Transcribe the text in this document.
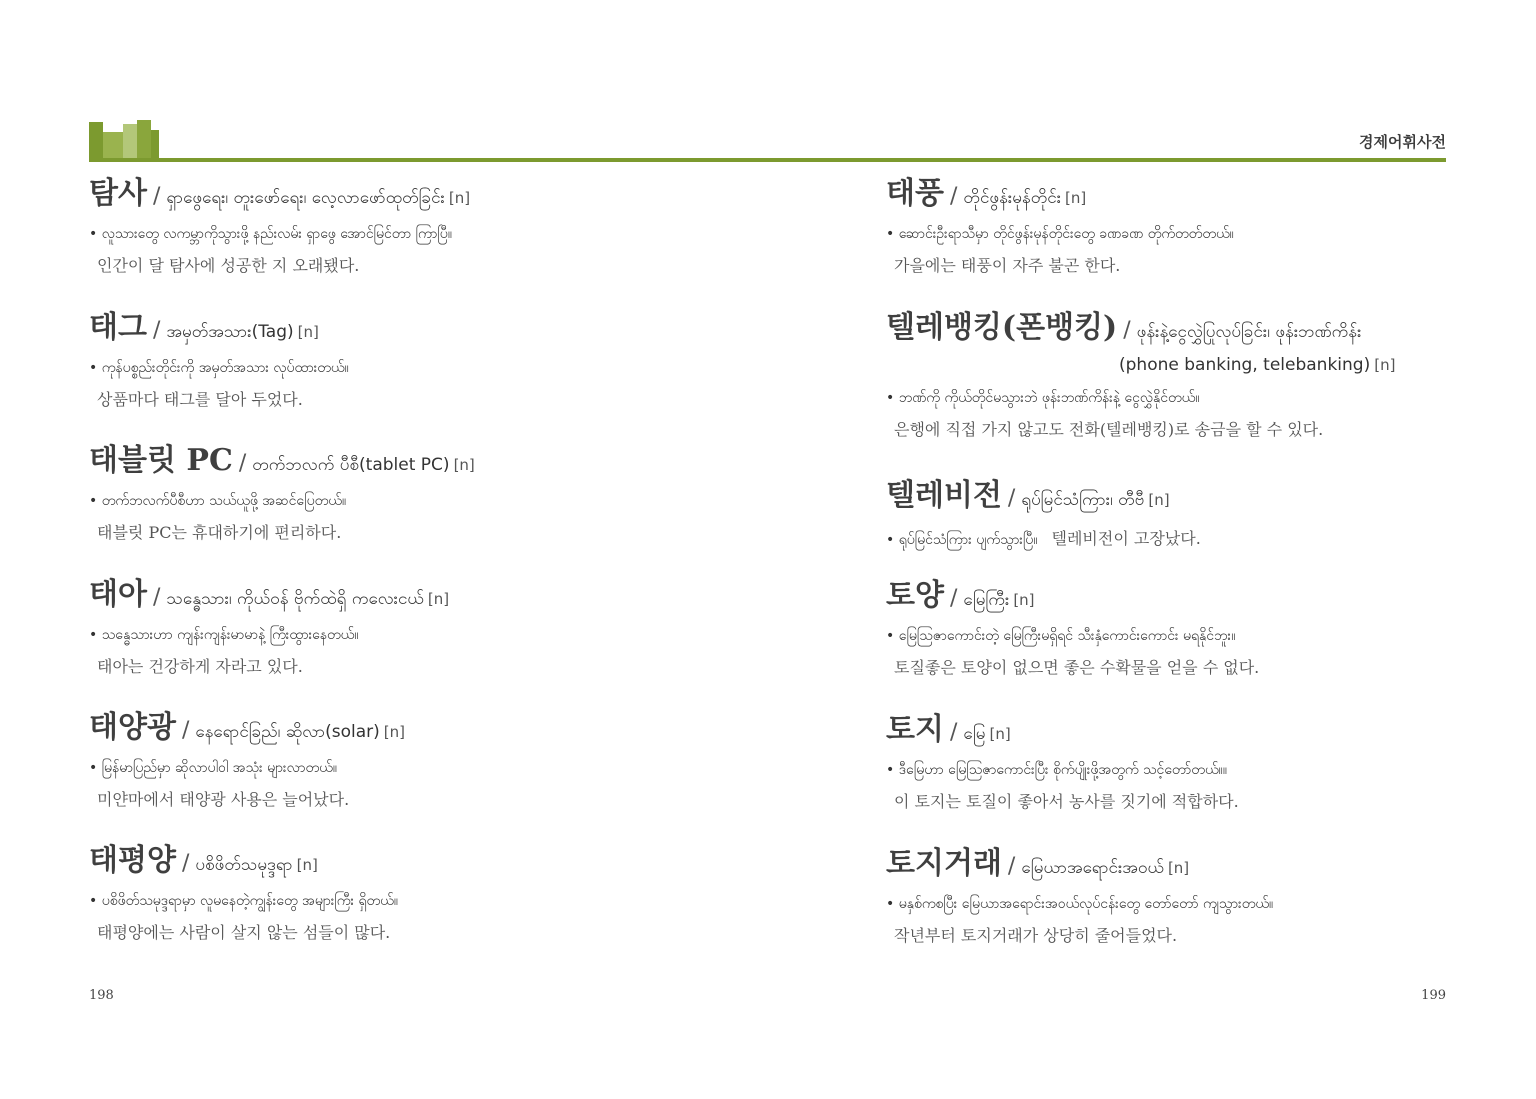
경제어휘사전
탐사 / ရှာဖွေရေး၊ တူးဖော်ရေး၊ လေ့လာဖော်ထုတ်ခြင်း [n]
• လူသားတွေ လကမ္ဘာကိုသွားဖို့ နည်းလမ်း ရှာဖွေ အောင်မြင်တာ ကြာပြီ။
인간이 달 탐사에 성공한 지 오래됐다.
태그 / အမှတ်အသား(Tag) [n]
• ကုန်ပစ္စည်းတိုင်းကို အမှတ်အသား လုပ်ထားတယ်။
상품마다 태그를 달아 두었다.
태블릿 PC / တက်ဘလက် ပီစီ(tablet PC) [n]
• တက်ဘလက်ပီစီဟာ သယ်ယူဖို့ အဆင်ပြေတယ်။
태블릿 PC는 휴대하기에 편리하다.
태아 / သန္ဓေသား၊ ကိုယ်ဝန် ဗိုက်ထဲရှိ ကလေးငယ် [n]
• သန္ဓေသားဟာ ကျန်းကျန်းမာမာနဲ့ ကြီးထွားနေတယ်။
태아는 건강하게 자라고 있다.
태양광 / နေရောင်ခြည်၊ ဆိုလာ(solar) [n]
• မြန်မာပြည်မှာ ဆိုလာပါဝါ အသုံး များလာတယ်။
미얀마에서 태양광 사용은 늘어났다.
태평양 / ပစိဖိတ်သမုဒ္ဒရာ [n]
• ပစိဖိတ်သမုဒ္ဒရာမှာ လူမနေတဲ့ကျွန်းတွေ အများကြီး ရှိတယ်။
태평양에는 사람이 살지 않는 섬들이 많다.
태풍 / တိုင်ဖွန်းမုန်တိုင်း [n]
• ဆောင်းဦးရာသီမှာ တိုင်ဖွန်းမုန်တိုင်းတွေ ခဏခဏ တိုက်တတ်တယ်။
가을에는 태풍이 자주 불곤 한다.
텔레뱅킹(폰뱅킹) / ဖုန်းနဲ့ငွေလွှဲပြုလုပ်ခြင်း၊ ဖုန်းဘဏ်ကိန်း
(phone banking, telebanking) [n]
• ဘဏ်ကို ကိုယ်တိုင်မသွားဘဲ ဖုန်းဘဏ်ကိန်းနဲ့ ငွေလွှဲနိုင်တယ်။
은행에 직접 가지 않고도 전화(텔레뱅킹)로 송금을 할 수 있다.
텔레비전 / ရုပ်မြင်သံကြား၊ တီဗီ [n]
• ရုပ်မြင်သံကြား ပျက်သွားပြီ။ 텔레비전이 고장났다.
토양 / မြေကြီး [n]
• မြေသြဇာကောင်းတဲ့ မြေကြီးမရှိရင် သီးနှံကောင်းကောင်း မရနိုင်ဘူး။
토질좋은 토양이 없으면 좋은 수확물을 얻을 수 없다.
토지 / မြေ [n]
• ဒီမြေဟာ မြေသြဇာကောင်းပြီး စိုက်ပျိုးဖို့အတွက် သင့်တော်တယ်။။
이 토지는 토질이 좋아서 농사를 짓기에 적합하다.
토지거래 / မြေယာအရောင်းအဝယ် [n]
• မနှစ်ကစပြီး မြေယာအရောင်းအဝယ်လုပ်ငန်းတွေ တော်တော် ကျသွားတယ်။
작년부터 토지거래가 상당히 줄어들었다.
198	199
